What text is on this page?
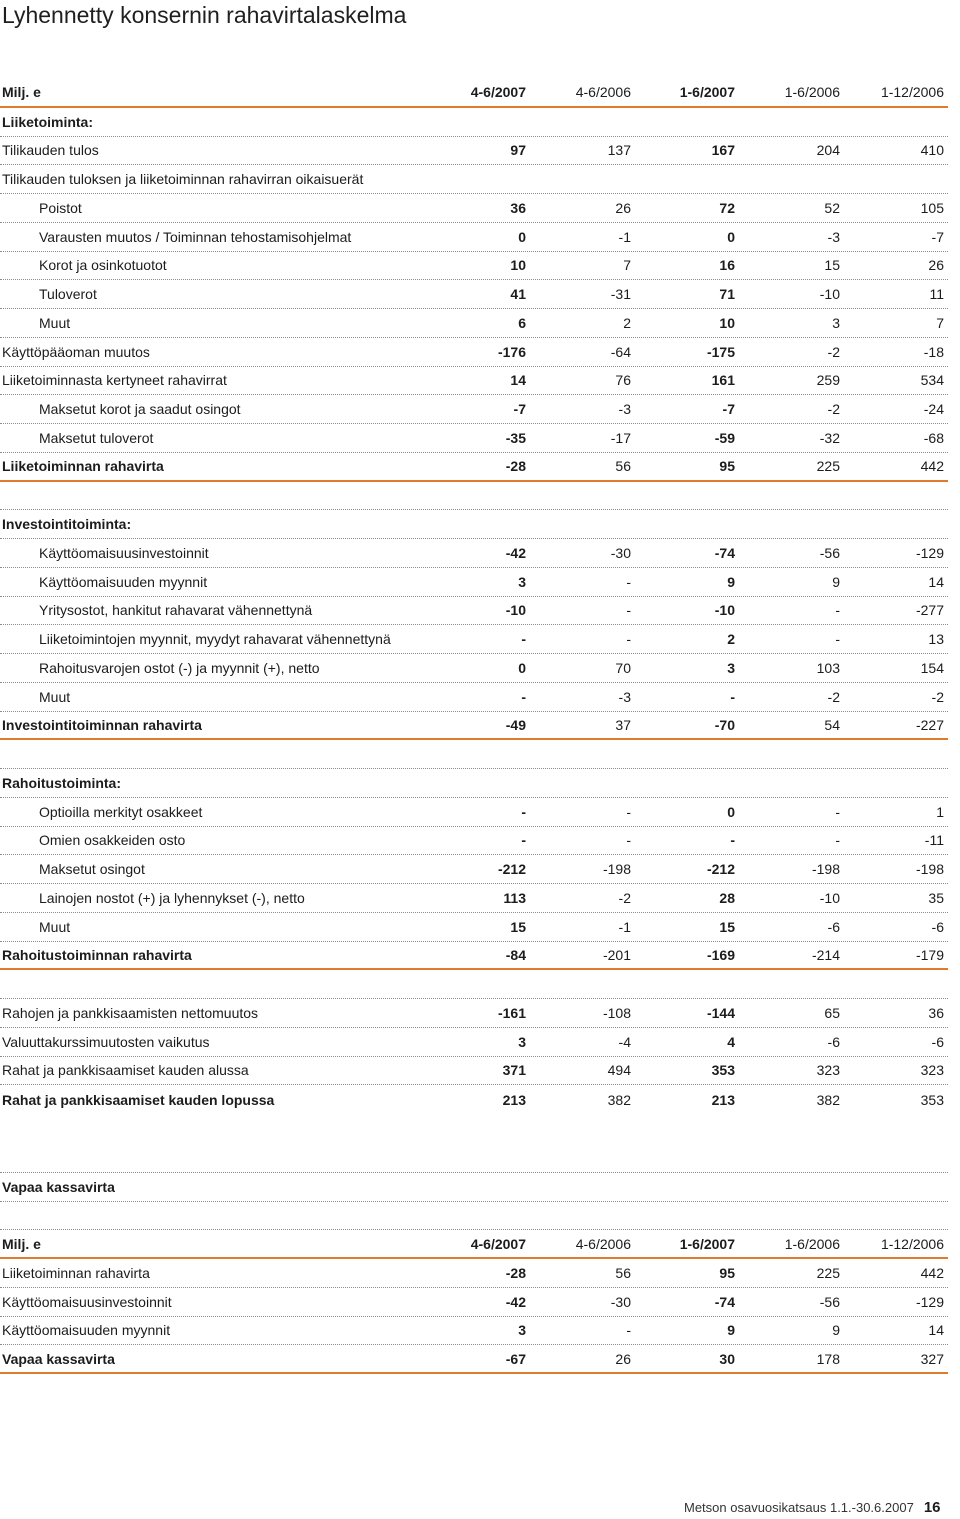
Lyhennetty konsernin rahavirtalaskelma
Milj. e	4-6/2007	4-6/2006	1-6/2007	1-6/2006	1-12/2006
Liiketoiminta:
Tilikauden tulos	97	137	167	204	410
Tilikauden tuloksen ja liiketoiminnan rahavirran oikaisuerät
Poistot	36	26	72	52	105
Varausten muutos / Toiminnan tehostamisohjelmat	0	-1	0	-3	-7
Korot ja osinkotuotot	10	7	16	15	26
Tuloverot	41	-31	71	-10	11
Muut	6	2	10	3	7
Käyttöpääoman muutos	-176	-64	-175	-2	-18
Liiketoiminnasta kertyneet rahavirrat	14	76	161	259	534
Maksetut korot ja saadut osingot	-7	-3	-7	-2	-24
Maksetut tuloverot	-35	-17	-59	-32	-68
Liiketoiminnan rahavirta	-28	56	95	225	442
Investointitoiminta:
Käyttöomaisuusinvestoinnit	-42	-30	-74	-56	-129
Käyttöomaisuuden myynnit	3	-	9	9	14
Yritysostot, hankitut rahavarat vähennettynä	-10	-	-10	-	-277
Liiketoimintojen myynnit, myydyt rahavarat vähennettynä	-	-	2	-	13
Rahoitusvarojen ostot (-) ja myynnit (+), netto	0	70	3	103	154
Muut	-	-3	-	-2	-2
Investointitoiminnan rahavirta	-49	37	-70	54	-227
Rahoitustoiminta:
Optioilla merkityt osakkeet	-	-	0	-	1
Omien osakkeiden osto	-	-	-	-	-11
Maksetut osingot	-212	-198	-212	-198	-198
Lainojen nostot (+) ja lyhennykset (-), netto	113	-2	28	-10	35
Muut	15	-1	15	-6	-6
Rahoitustoiminnan rahavirta	-84	-201	-169	-214	-179
Rahojen ja pankkisaamisten nettomuutos	-161	-108	-144	65	36
Valuuttakurssimuutosten vaikutus	3	-4	4	-6	-6
Rahat ja pankkisaamiset kauden alussa	371	494	353	323	323
Rahat ja pankkisaamiset kauden lopussa	213	382	213	382	353
Vapaa kassavirta
Milj. e	4-6/2007	4-6/2006	1-6/2007	1-6/2006	1-12/2006
Liiketoiminnan rahavirta	-28	56	95	225	442
Käyttöomaisuusinvestoinnit	-42	-30	-74	-56	-129
Käyttöomaisuuden myynnit	3	-	9	9	14
Vapaa kassavirta	-67	26	30	178	327
Metson osavuosikatsaus 1.1.-30.6.2007 16
